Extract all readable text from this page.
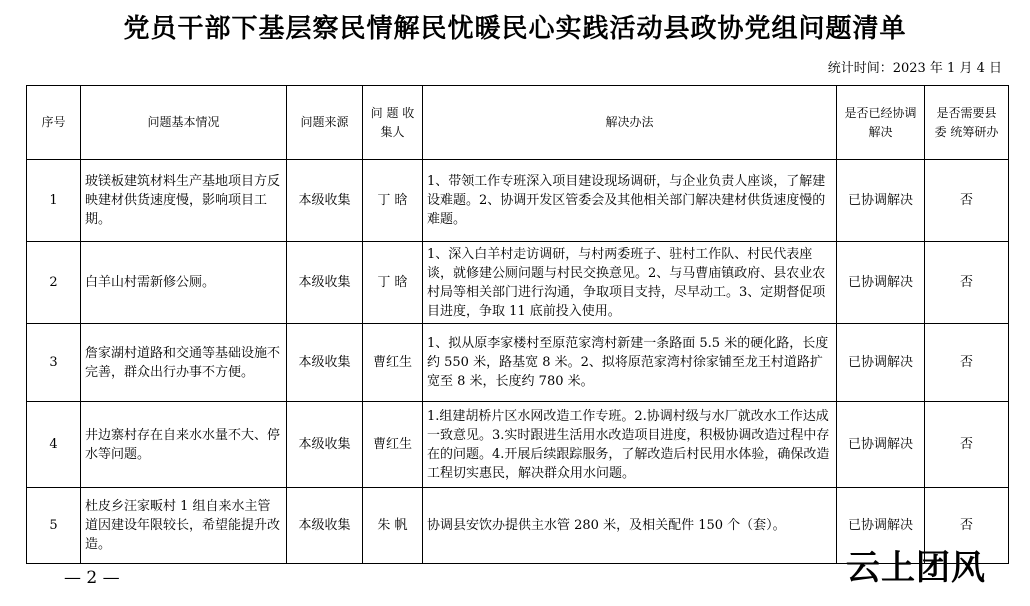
党员干部下基层察民情解民忧暖民心实践活动县政协党组问题清单
统计时间：2023 年 1 月 4 日
序号	问题基本情况	问题来源	问 题 收集人	解决办法	是否已经协调解决	是否需要县 委 统筹研办
1	玻镁板建筑材料生产基地项目方反映建材供货速度慢，影响项目工期。	本级收集	丁 晗	1、带领工作专班深入项目建设现场调研，与企业负责人座谈，了解建设难题。2、协调开发区管委会及其他相关部门解决建材供货速度慢的难题。	已协调解决	否
2	白羊山村需新修公厕。	本级收集	丁 晗	1、深入白羊村走访调研，与村两委班子、驻村工作队、村民代表座谈，就修建公厕问题与村民交换意见。2、与马曹庙镇政府、县农业农村局等相关部门进行沟通，争取项目支持，尽早动工。3、定期督促项目进度，争取 11 底前投入使用。	已协调解决	否
3	詹家湖村道路和交通等基础设施不完善，群众出行办事不方便。	本级收集	曹红生	1、拟从原李家楼村至原范家湾村新建一条路面 5.5 米的硬化路，长度约 550 米，路基宽 8 米。2、拟将原范家湾村徐家铺至龙王村道路扩宽至 8 米，长度约 780 米。	已协调解决	否
4	井边寨村存在自来水水量不大、停水等问题。	本级收集	曹红生	1.组建胡桥片区水网改造工作专班。2.协调村级与水厂就改水工作达成一致意见。3.实时跟进生活用水改造项目进度，积极协调改造过程中存在的问题。4.开展后续跟踪服务，了解改造后村民用水体验，确保改造工程切实惠民，解决群众用水问题。	已协调解决	否
5	杜皮乡汪家畈村 1 组自来水主管道因建设年限较长，希望能提升改造。	本级收集	朱 帆	协调县安饮办提供主水管 280 米，及相关配件 150 个（套）。	已协调解决	否
— 2 —	云上团风
